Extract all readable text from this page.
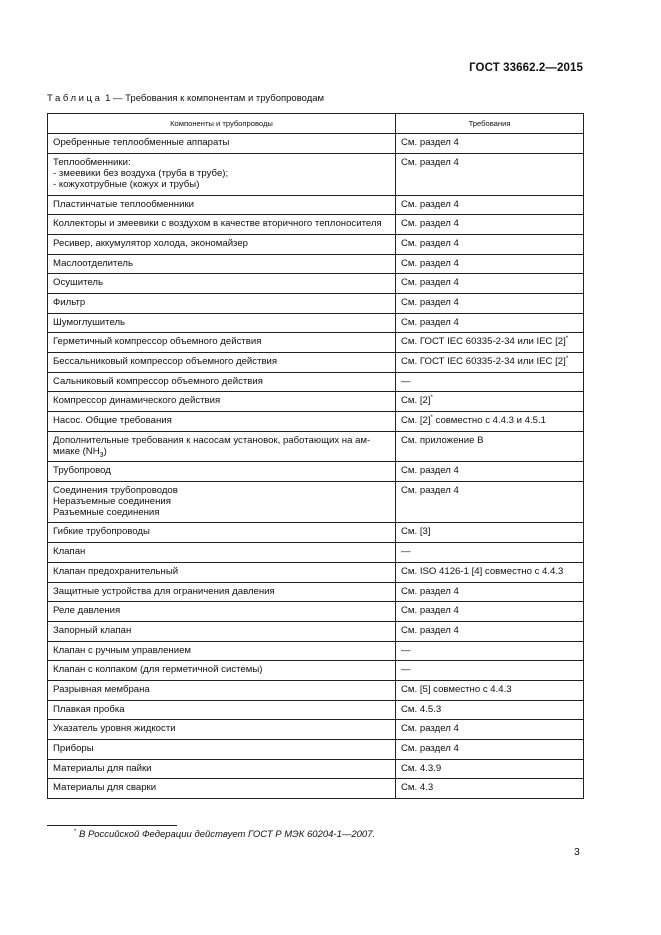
ГОСТ 33662.2—2015
Таблица 1 — Требования к компонентам и трубопроводам
Компоненты и трубопроводы	Требования

Оребренные теплообменные аппараты	См. раздел 4

Теплообменники:
- змеевики без воздуха (труба в трубе);
- кожухотрубные (кожух и трубы)	См. раздел 4

Пластинчатые теплообменники	См. раздел 4

Коллекторы и змеевики с воздухом в качестве вторичного теплоносителя	См. раздел 4

Ресивер, аккумулятор холода, экономайзер	См. раздел 4

Маслоотделитель	См. раздел 4

Осушитель	См. раздел 4

Фильтр	См. раздел 4

Шумоглушитель	См. раздел 4

Герметичный компрессор объемного действия	См. ГОСТ IEC 60335-2-34 или IEC [2]*

Бессальниковый компрессор объемного действия	См. ГОСТ IEC 60335-2-34 или IEC [2]*

Сальниковый компрессор объемного действия	—

Компрессор динамического действия	См. [2]*

Насос. Общие требования	См. [2]* совместно с 4.4.3 и 4.5.1

Дополнительные требования к насосам установок, работающих на ам-
миаке $(NH_3)$	См. приложение В

Трубопровод	См. раздел 4

Соединения трубопроводов
Неразъемные соединения
Разъемные соединения	См. раздел 4

Гибкие трубопроводы	См. [3]

Клапан	—

Клапан предохранительный	См. ISO 4126-1 [4] совместно с 4.4.3

Защитные устройства для ограничения давления	См. раздел 4

Реле давления	См. раздел 4

Запорный клапан	См. раздел 4

Клапан с ручным управлением	—

Клапан с колпаком (для герметичной системы)	—

Разрывная мембрана	См. [5] совместно с 4.4.3

Плавкая пробка	См. 4.5.3

Указатель уровня жидкости	См. раздел 4

Приборы	См. раздел 4

Материалы для пайки	См. 4.3.9

Материалы для сварки	См. 4.3
* В Российской Федерации действует ГОСТ Р МЭК 60204-1—2007.
3
